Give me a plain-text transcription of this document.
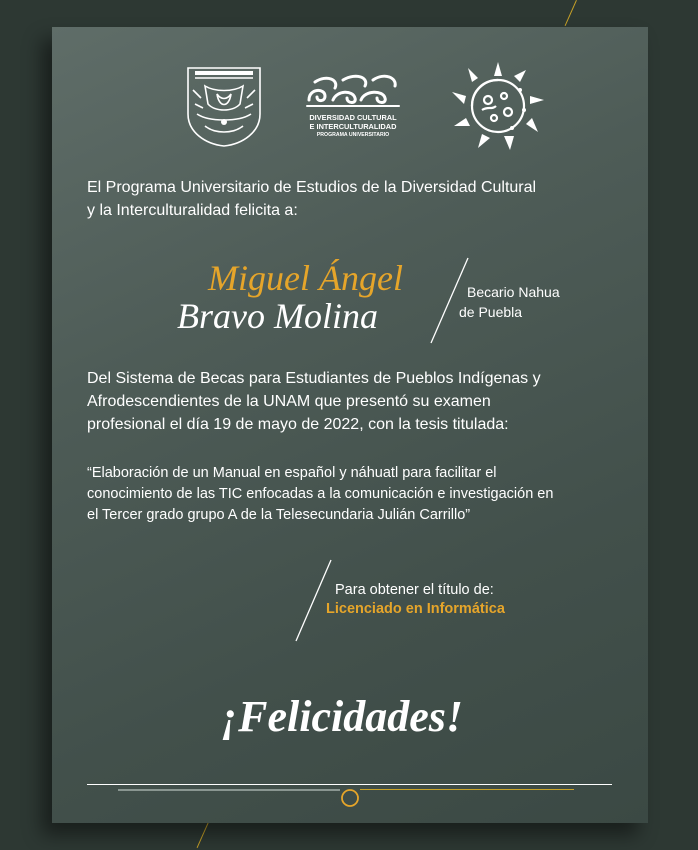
DIVERSIDAD CULTURAL
E INTERCULTURALIDAD
PROGRAMA UNIVERSITARIO
El Programa Universitario de Estudios de la Diversidad Cultural
y la Interculturalidad felicita a:
Miguel Ángel
Bravo Molina
Becario Nahua
de Puebla
Del Sistema de Becas para Estudiantes de Pueblos Indígenas y
Afrodescendientes de la UNAM que presentó su examen
profesional el día 19 de mayo de 2022, con la tesis titulada:
“Elaboración de un Manual en español y náhuatl para facilitar el
conocimiento de las TIC enfocadas a la comunicación e investigación en
el Tercer grado grupo A de la Telesecundaria Julián Carrillo”
Para obtener el título de:
Licenciado en Informática
¡Felicidades!
